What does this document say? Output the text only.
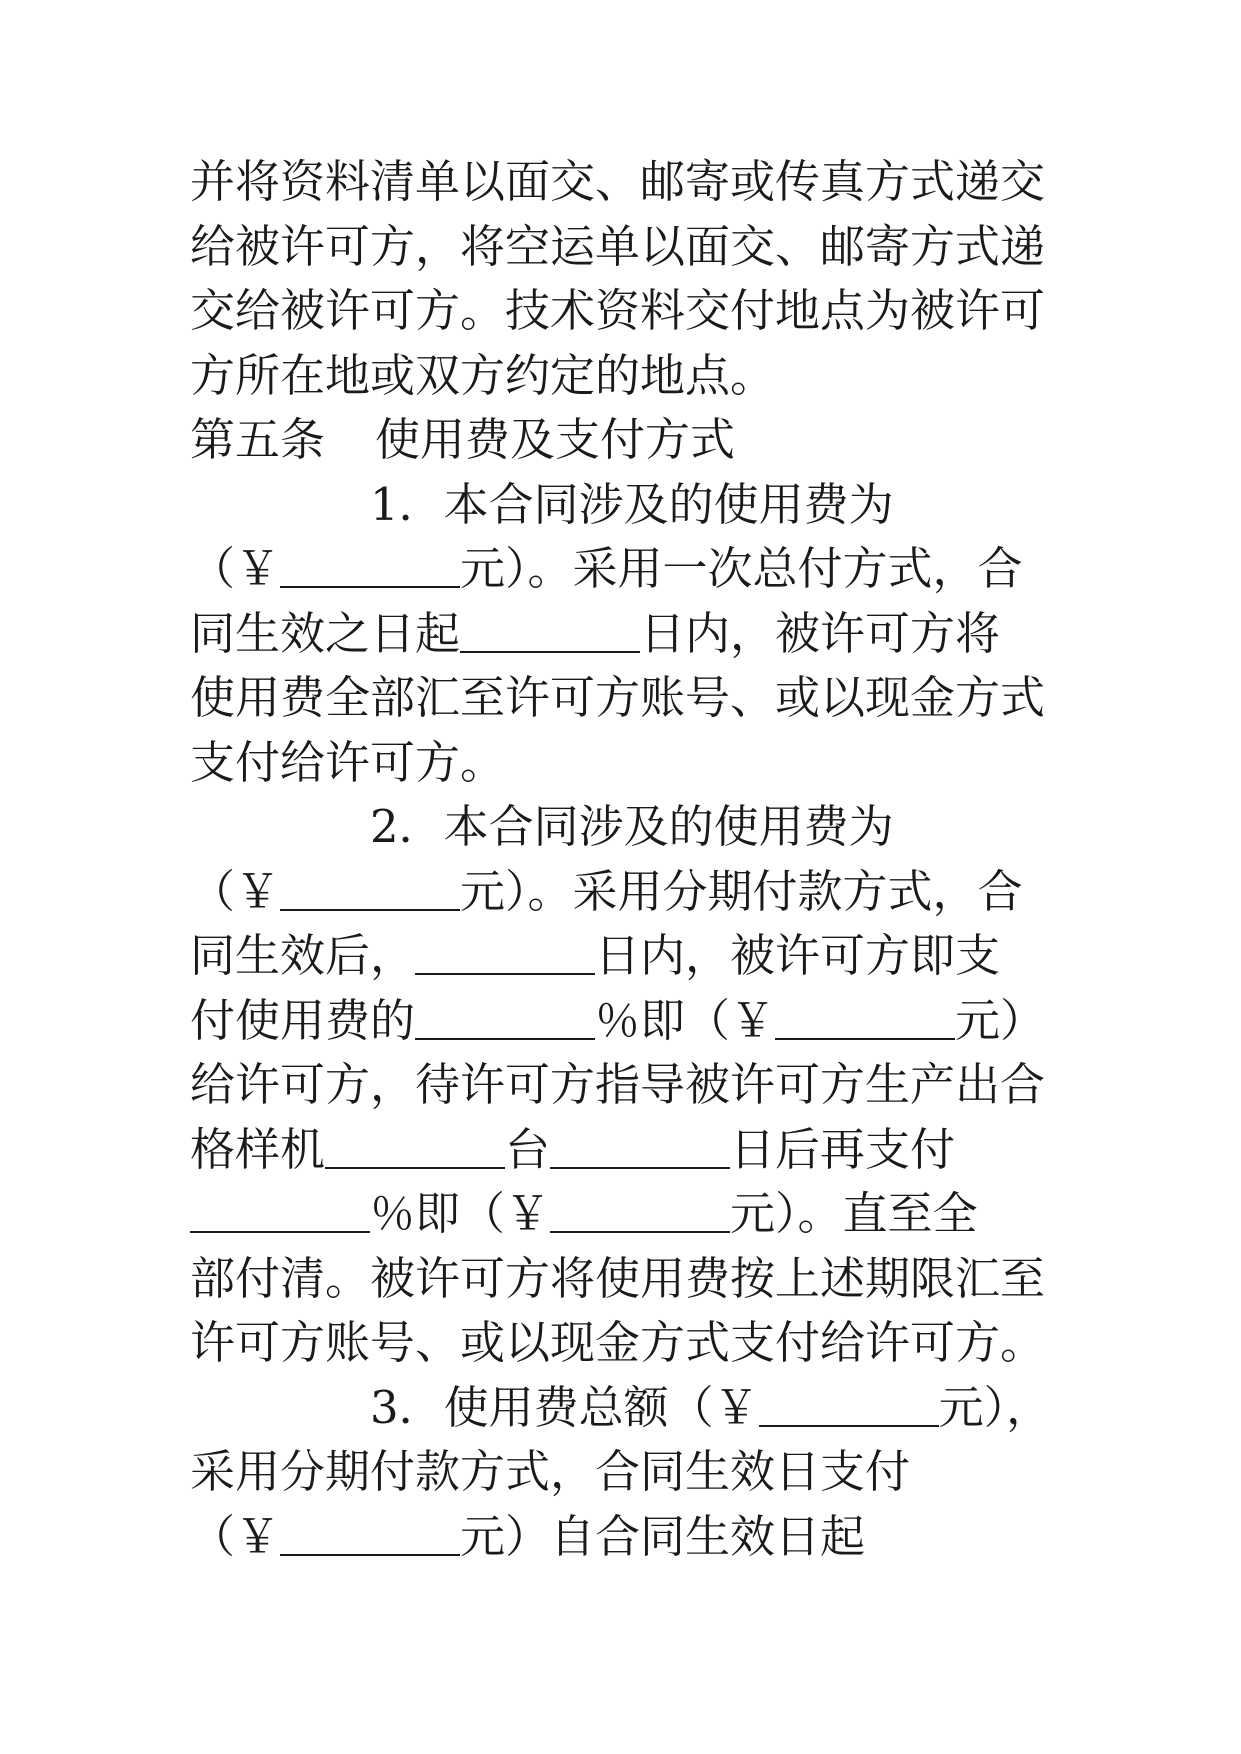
并将资料清单以面交、邮寄或传真方式递交
给被许可方，将空运单以面交、邮寄方式递
交给被许可方。技术资料交付地点为被许可
方所在地或双方约定的地点。
第五条 使用费及支付方式
1．本合同涉及的使用费为
（￥	元）。采用一次总付方式，合
同生效之日起	日内，被许可方将
使用费全部汇至许可方账号、或以现金方式
支付给许可方。
2．本合同涉及的使用费为
（￥	元）。采用分期付款方式，合
同生效后，	日内，被许可方即支
付使用费的	％即（￥	元）
给许可方，待许可方指导被许可方生产出合
格样机	台	日后再支付
％即（￥	元）。直至全
部付清。被许可方将使用费按上述期限汇至
许可方账号、或以现金方式支付给许可方。
3．使用费总额（￥	元），
采用分期付款方式，合同生效日支付
（￥	元）自合同生效日起
